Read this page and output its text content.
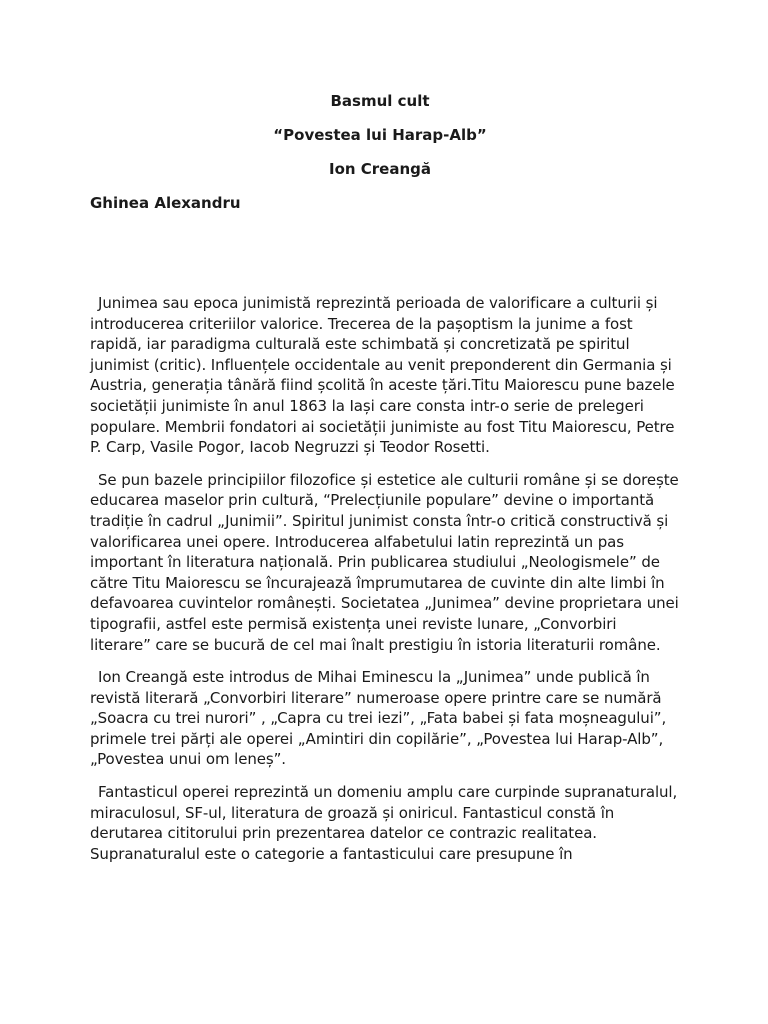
Basmul cult

“Povestea lui Harap-Alb”

Ion Creangă

Ghinea Alexandru

Junimea sau epoca junimistă reprezintă perioada de valorificare a culturii și introducerea criteriilor valorice. Trecerea de la pașoptism la junime a fost rapidă, iar paradigma culturală este schimbată și concretizată pe spiritul junimist (critic). Influențele occidentale au venit preponderent din Germania și Austria, generația tânără fiind școlită în aceste țări.Titu Maiorescu pune bazele societății junimiste în anul 1863 la Iași care consta intr-o serie de prelegeri populare. Membrii fondatori ai societății junimiste au fost Titu Maiorescu, Petre P. Carp, Vasile Pogor, Iacob Negruzzi și Teodor Rosetti.

Se pun bazele principiilor filozofice și estetice ale culturii române și se dorește educarea maselor prin cultură, “Prelecțiunile populare” devine o importantă tradiție în cadrul „Junimii”. Spiritul junimist consta într-o critică constructivă și valorificarea unei opere. Introducerea alfabetului latin reprezintă un pas important în literatura națională. Prin publicarea studiului „Neologismele” de către Titu Maiorescu se încurajează împrumutarea de cuvinte din alte limbi în defavoarea cuvintelor românești. Societatea „Junimea” devine proprietara unei tipografii, astfel este permisă existența unei reviste lunare, „Convorbiri literare” care se bucură de cel mai înalt prestigiu în istoria literaturii române.

Ion Creangă este introdus de Mihai Eminescu la „Junimea” unde publică în revistă literară „Convorbiri literare” numeroase opere printre care se numără „Soacra cu trei nurori” , „Capra cu trei iezi”, „Fata babei și fata moșneagului”, primele trei părți ale operei „Amintiri din copilărie”, „Povestea lui Harap-Alb”, „Povestea unui om leneș”.

Fantasticul operei reprezintă un domeniu amplu care curpinde supranaturalul, miraculosul, SF-ul, literatura de groază și oniricul. Fantasticul constă în derutarea cititorului prin prezentarea datelor ce contrazic realitatea. Supranaturalul este o categorie a fantasticului care presupune în
